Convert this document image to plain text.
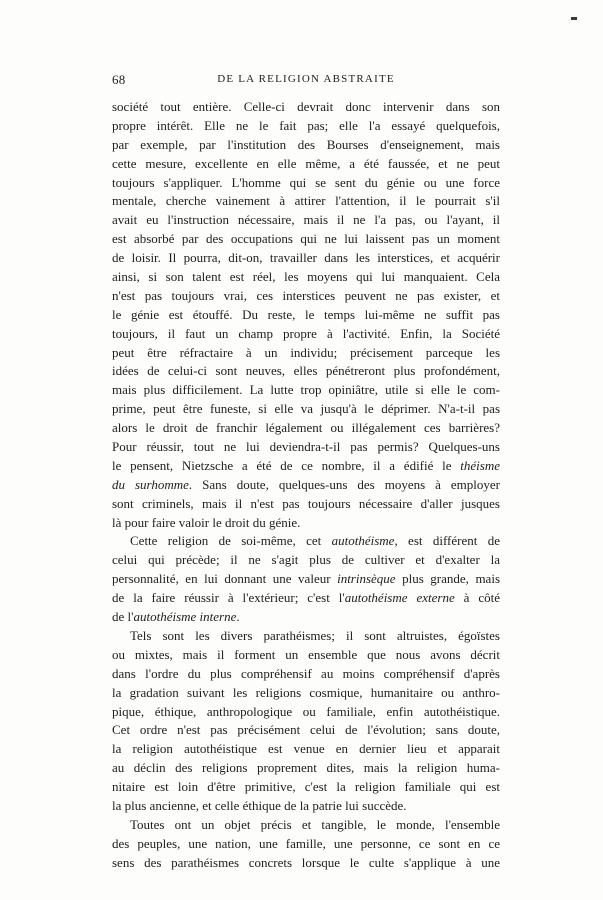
68	DE LA RELIGION ABSTRAITE

société tout entière. Celle-ci devrait donc intervenir dans son
propre intérêt. Elle ne le fait pas; elle l'a essayé quelquefois,
par exemple, par l'institution des Bourses d'enseignement, mais
cette mesure, excellente en elle même, a été faussée, et ne peut
toujours s'appliquer. L'homme qui se sent du génie ou une force
mentale, cherche vainement à attirer l'attention, il le pourrait s'il
avait eu l'instruction nécessaire, mais il ne l'a pas, ou l'ayant, il
est absorbé par des occupations qui ne lui laissent pas un moment
de loisir. Il pourra, dit-on, travailler dans les interstices, et acquérir
ainsi, si son talent est réel, les moyens qui lui manquaient. Cela
n'est pas toujours vrai, ces interstices peuvent ne pas exister, et
le génie est étouffé. Du reste, le temps lui-même ne suffit pas
toujours, il faut un champ propre à l'activité. Enfin, la Société
peut être réfractaire à un individu; précisement parceque les
idées de celui-ci sont neuves, elles pénétreront plus profondément,
mais plus difficilement. La lutte trop opiniâtre, utile si elle le com-
prime, peut être funeste, si elle va jusqu'à le déprimer. N'a-t-il pas
alors le droit de franchir légalement ou illégalement ces barrières?
Pour réussir, tout ne lui deviendra-t-il pas permis? Quelques-uns
le pensent, Nietzsche a été de ce nombre, il a édifié le théisme
du surhomme. Sans doute, quelques-uns des moyens à employer
sont criminels, mais il n'est pas toujours nécessaire d'aller jusques
là pour faire valoir le droit du génie.

Cette religion de soi-même, cet autothéisme, est différent de
celui qui précède; il ne s'agit plus de cultiver et d'exalter la
personnalité, en lui donnant une valeur intrinsèque plus grande, mais
de la faire réussir à l'extérieur; c'est l'autothéisme externe à côté
de l'autothéisme interne.

Tels sont les divers parathéismes; il sont altruistes, égoïstes
ou mixtes, mais il forment un ensemble que nous avons décrit
dans l'ordre du plus compréhensif au moins compréhensif d'après
la gradation suivant les religions cosmique, humanitaire ou anthro-
pique, éthique, anthropologique ou familiale, enfin autothéistique.
Cet ordre n'est pas précisément celui de l'évolution; sans doute,
la religion autothéistique est venue en dernier lieu et apparait
au déclin des religions proprement dites, mais la religion huma-
nitaire est loin d'être primitive, c'est la religion familiale qui est
la plus ancienne, et celle éthique de la patrie lui succède.

Toutes ont un objet précis et tangible, le monde, l'ensemble
des peuples, une nation, une famille, une personne, ce sont en ce
sens des parathéismes concrets lorsque le culte s'applique à une
